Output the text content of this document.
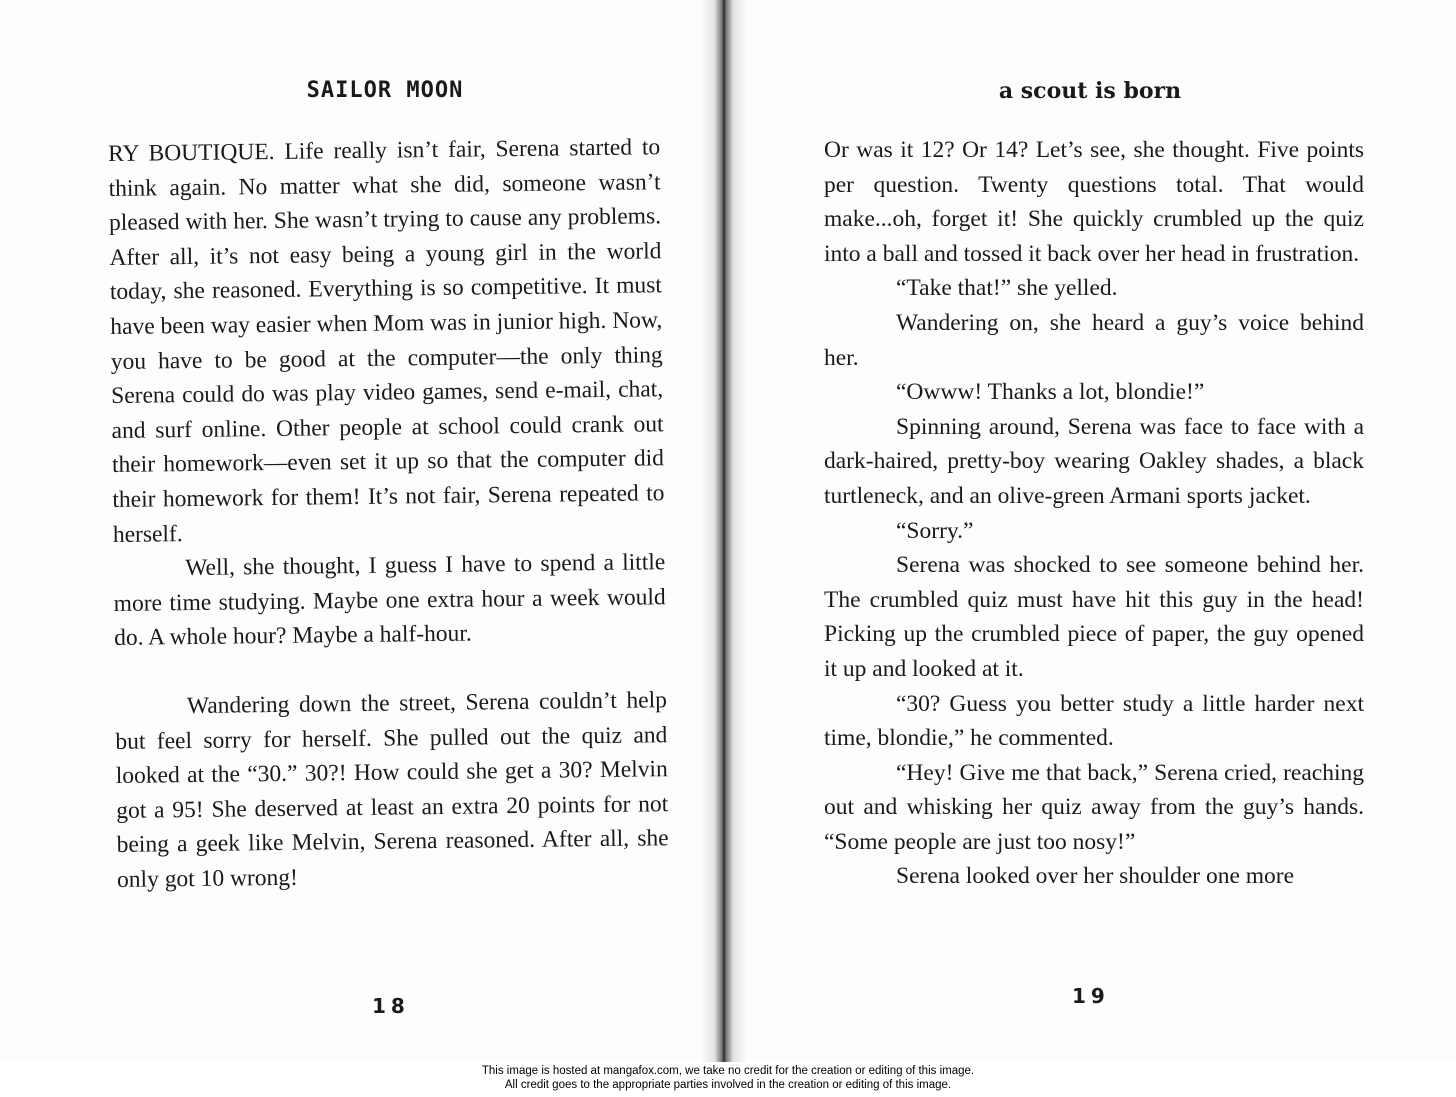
SAILOR MOON	a scout is born

RY BOUTIQUE. Life really isn’t fair, Serena started to think again. No matter what she did, someone wasn’t pleased with her. She wasn’t trying to cause any problems. After all, it’s not easy being a young girl in the world today, she reasoned. Everything is so competitive. It must have been way easier when Mom was in junior high. Now, you have to be good at the computer—the only thing Serena could do was play video games, send e-mail, chat, and surf online. Other people at school could crank out their homework—even set it up so that the computer did their homework for them! It’s not fair, Serena repeated to herself.

Well, she thought, I guess I have to spend a little more time studying. Maybe one extra hour a week would do. A whole hour? Maybe a half-hour.

Wandering down the street, Serena couldn’t help but feel sorry for herself. She pulled out the quiz and looked at the “30.” 30?! How could she get a 30? Melvin got a 95! She deserved at least an extra 20 points for not being a geek like Melvin, Serena reasoned. After all, she only got 10 wrong!

Or was it 12? Or 14? Let’s see, she thought. Five points per question. Twenty questions total. That would make...oh, forget it! She quickly crumbled up the quiz into a ball and tossed it back over her head in frustration.

“Take that!” she yelled.

Wandering on, she heard a guy’s voice behind her.

“Owww! Thanks a lot, blondie!”

Spinning around, Serena was face to face with a dark-haired, pretty-boy wearing Oakley shades, a black turtleneck, and an olive-green Armani sports jacket.

“Sorry.”

Serena was shocked to see someone behind her. The crumbled quiz must have hit this guy in the head! Picking up the crumbled piece of paper, the guy opened it up and looked at it.

“30? Guess you better study a little harder next time, blondie,” he commented.

“Hey! Give me that back,” Serena cried, reaching out and whisking her quiz away from the guy’s hands. “Some people are just too nosy!”

Serena looked over her shoulder one more

18	19
This image is hosted at mangafox.com, we take no credit for the creation or editing of this image.
All credit goes to the appropriate parties involved in the creation or editing of this image.
